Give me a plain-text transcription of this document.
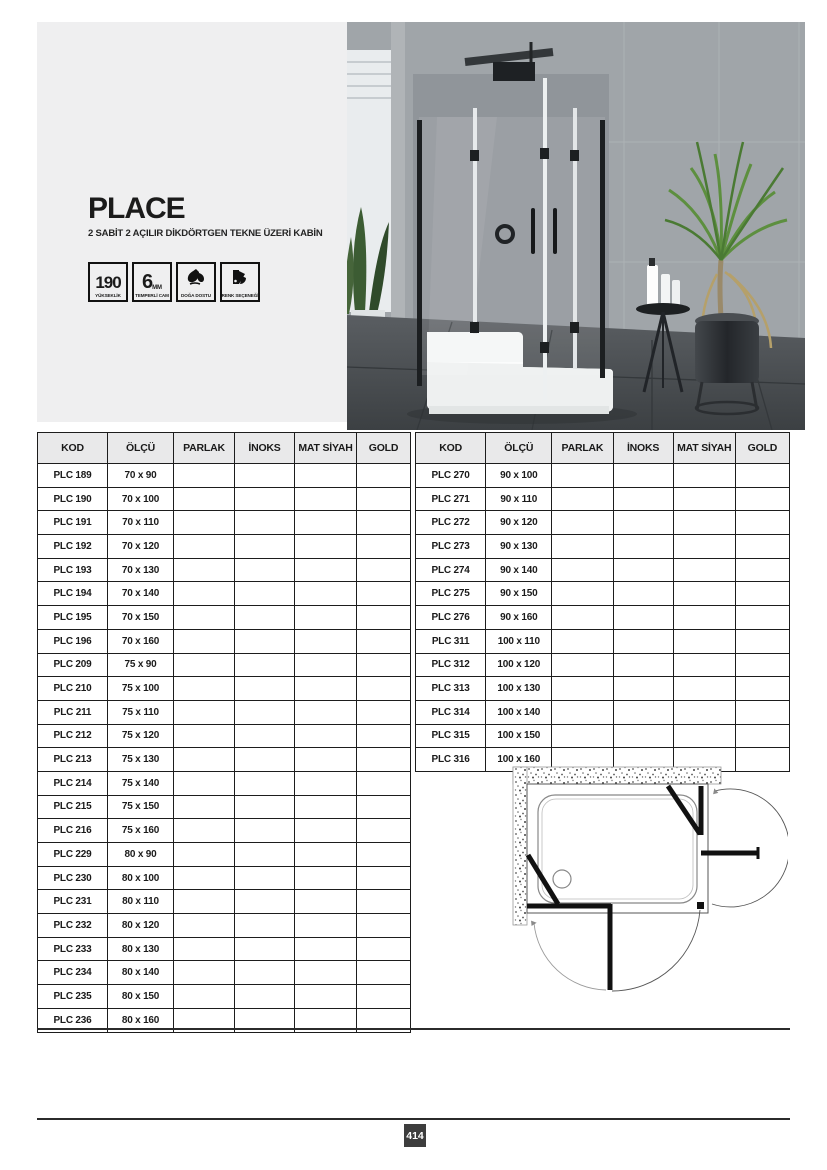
PLACE
2 SABİT 2 AÇILIR DİKDÖRTGEN TEKNE ÜZERİ KABİN
190
YÜKSEKLİK
6 MM
TEMPERLİ CAM	DOĞA DOSTU RENK SEÇENEĞİ
KOD	ÖLÇÜ	PARLAK	İNOKS	MAT SİYAH	GOLD
PLC 189	70 x 90				
PLC 190	70 x 100				
PLC 191	70 x 110				
PLC 192	70 x 120				
PLC 193	70 x 130				
PLC 194	70 x 140				
PLC 195	70 x 150				
PLC 196	70 x 160				
PLC 209	75 x 90				
PLC 210	75 x 100				
PLC 211	75 x 110				
PLC 212	75 x 120				
PLC 213	75 x 130				
PLC 214	75 x 140				
PLC 215	75 x 150				
PLC 216	75 x 160				
PLC 229	80 x 90				
PLC 230	80 x 100				
PLC 231	80 x 110				
PLC 232	80 x 120				
PLC 233	80 x 130				
PLC 234	80 x 140				
PLC 235	80 x 150				
PLC 236	80 x 160				
KOD	ÖLÇÜ	PARLAK	İNOKS	MAT SİYAH	GOLD
PLC 270	90 x 100				
PLC 271	90 x 110				
PLC 272	90 x 120				
PLC 273	90 x 130				
PLC 274	90 x 140				
PLC 275	90 x 150				
PLC 276	90 x 160				
PLC 311	100 x 110				
PLC 312	100 x 120				
PLC 313	100 x 130				
PLC 314	100 x 140				
PLC 315	100 x 150				
PLC 316	100 x 160				
414
